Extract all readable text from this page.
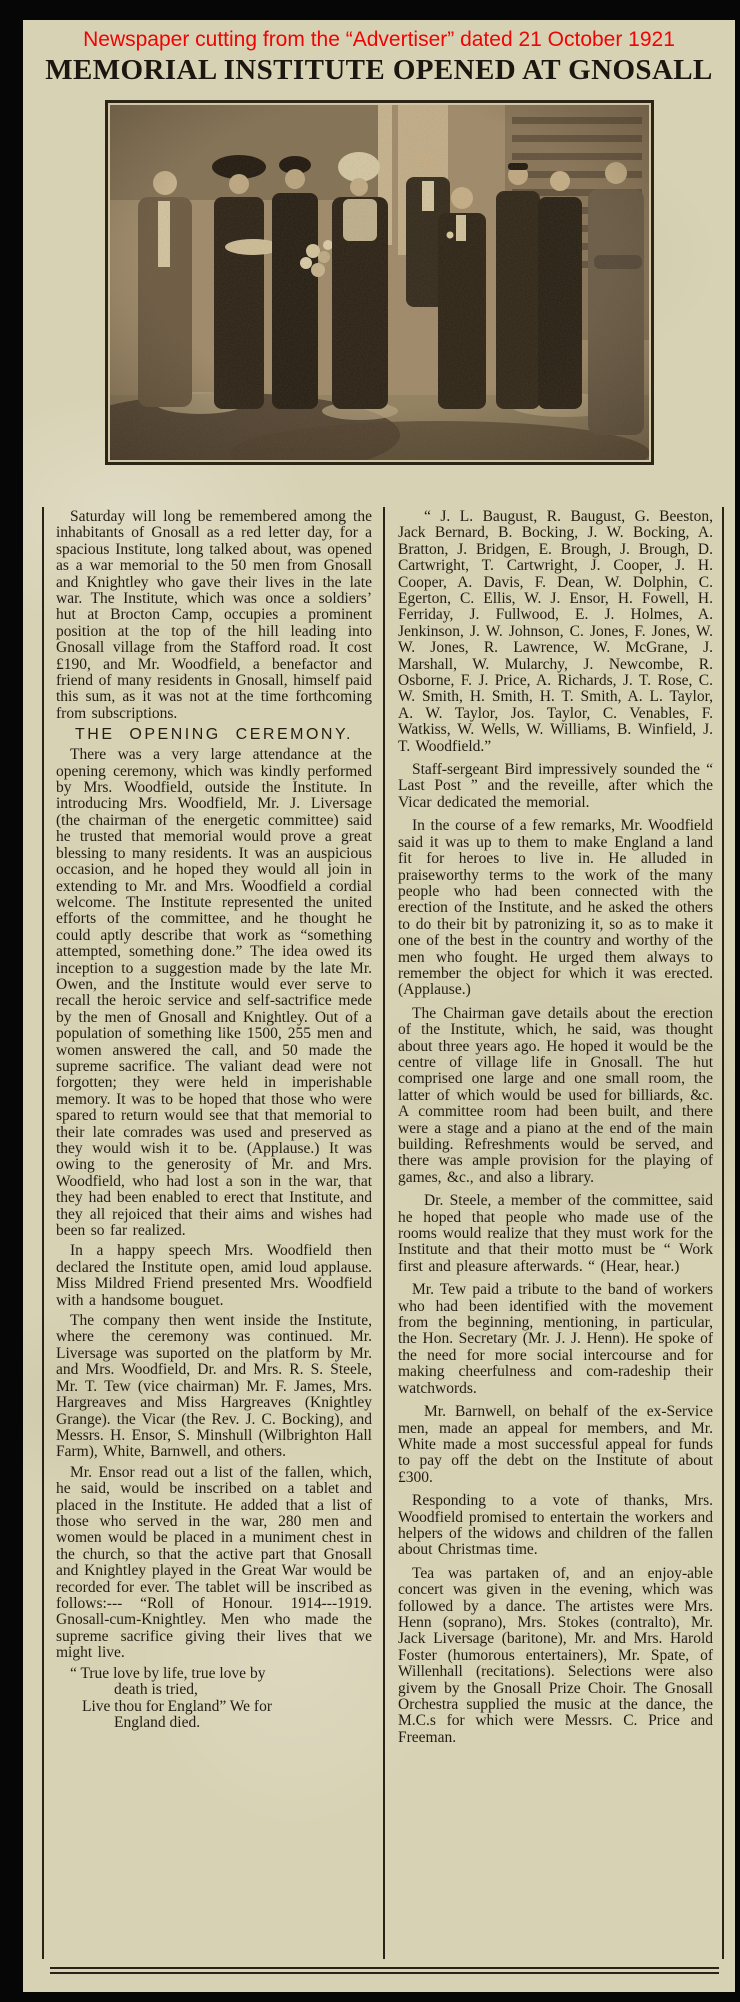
Newspaper cutting from the “Advertiser” dated 21 October 1921
MEMORIAL INSTITUTE OPENED AT GNOSALL

Saturday will long be remembered among the inhabitants of Gnosall as a red letter day, for a spacious Institute, long talked about, was opened as a war memorial to the 50 men from Gnosall and Knightley who gave their lives in the late war. The Institute, which was once a soldiers’ hut at Brocton Camp, occupies a prominent position at the top of the hill leading into Gnosall village from the Stafford road. It cost £190, and Mr. Woodfield, a benefactor and friend of many residents in Gnosall, himself paid this sum, as it was not at the time forthcoming from subscriptions.

THE OPENING CEREMONY.

There was a very large attendance at the opening ceremony, which was kindly performed by Mrs. Woodfield, outside the Institute. In introducing Mrs. Woodfield, Mr. J. Liversage (the chairman of the energetic committee) said he trusted that memorial would prove a great blessing to many residents. It was an auspicious occasion, and he hoped they would all join in extending to Mr. and Mrs. Woodfield a cordial welcome. The Institute represented the united efforts of the committee, and he thought he could aptly describe that work as “something attempted, something done.” The idea owed its inception to a suggestion made by the late Mr. Owen, and the Institute would ever serve to recall the heroic service and self-sactrifice mede by the men of Gnosall and Knightley. Out of a population of something like 1500, 255 men and women answered the call, and 50 made the supreme sacrifice. The valiant dead were not forgotten; they were held in imperishable memory. It was to be hoped that those who were spared to return would see that that memorial to their late comrades was used and preserved as they would wish it to be. (Applause.) It was owing to the generosity of Mr. and Mrs. Woodfield, who had lost a son in the war, that they had been enabled to erect that Institute, and they all rejoiced that their aims and wishes had been so far realized.

In a happy speech Mrs. Woodfield then declared the Institute open, amid loud applause. Miss Mildred Friend presented Mrs. Woodfield with a handsome bouguet.

The company then went inside the Institute, where the ceremony was continued. Mr. Liversage was suported on the platform by Mr. and Mrs. Woodfield, Dr. and Mrs. R. S. Steele, Mr. T. Tew (vice chairman) Mr. F. James, Mrs. Hargreaves and Miss Hargreaves (Knightley Grange). the Vicar (the Rev. J. C. Bocking), and Messrs. H. Ensor, S. Minshull (Wilbrighton Hall Farm), White, Barnwell, and others.

Mr. Ensor read out a list of the fallen, which, he said, would be inscribed on a tablet and placed in the Institute. He added that a list of those who served in the war, 280 men and women would be placed in a muniment chest in the church, so that the active part that Gnosall and Knightley played in the Great War would be recorded for ever. The tablet will be inscribed as follows:--- “Roll of Honour. 1914---1919. Gnosall-cum-Knightley. Men who made the supreme sacrifice giving their lives that we might live.

“ True love by life, true love by
death is tried,
Live thou for England” We for
England died.

“ J. L. Baugust, R. Baugust, G. Beeston, Jack Bernard, B. Bocking, J. W. Bocking, A. Bratton, J. Bridgen, E. Brough, J. Brough, D. Cartwright, T. Cartwright, J. Cooper, J. H. Cooper, A. Davis, F. Dean, W. Dolphin, C. Egerton, C. Ellis, W. J. Ensor, H. Fowell, H. Ferriday, J. Fullwood, E. J. Holmes, A. Jenkinson, J. W. Johnson, C. Jones, F. Jones, W. W. Jones, R. Lawrence, W. McGrane, J. Marshall, W. Mularchy, J. Newcombe, R. Osborne, F. J. Price, A. Richards, J. T. Rose, C. W. Smith, H. Smith, H. T. Smith, A. L. Taylor, A. W. Taylor, Jos. Taylor, C. Venables, F. Watkiss, W. Wells, W. Williams, B. Winfield, J. T. Woodfield.”

Staff-sergeant Bird impressively sounded the “ Last Post ” and the reveille, after which the Vicar dedicated the memorial.

In the course of a few remarks, Mr. Woodfield said it was up to them to make England a land fit for heroes to live in. He alluded in praiseworthy terms to the work of the many people who had been connected with the erection of the Institute, and he asked the others to do their bit by patronizing it, so as to make it one of the best in the country and worthy of the men who fought. He urged them always to remember the object for which it was erected. (Applause.)

The Chairman gave details about the erection of the Institute, which, he said, was thought about three years ago. He hoped it would be the centre of village life in Gnosall. The hut comprised one large and one small room, the latter of which would be used for billiards, &c. A committee room had been built, and there were a stage and a piano at the end of the main building. Refreshments would be served, and there was ample provision for the playing of games, &c., and also a library.

Dr. Steele, a member of the committee, said he hoped that people who made use of the rooms would realize that they must work for the Institute and that their motto must be “ Work first and pleasure afterwards. “ (Hear, hear.)

Mr. Tew paid a tribute to the band of workers who had been identified with the movement from the beginning, mentioning, in particular, the Hon. Secretary (Mr. J. J. Henn). He spoke of the need for more social intercourse and for making cheerfulness and com-radeship their watchwords.

Mr. Barnwell, on behalf of the ex-Service men, made an appeal for members, and Mr. White made a most successful appeal for funds to pay off the debt on the Institute of about £300.

Responding to a vote of thanks, Mrs. Woodfield promised to entertain the workers and helpers of the widows and children of the fallen about Christmas time.

Tea was partaken of, and an enjoy-able concert was given in the evening, which was followed by a dance. The artistes were Mrs. Henn (soprano), Mrs. Stokes (contralto), Mr. Jack Liversage (baritone), Mr. and Mrs. Harold Foster (humorous entertainers), Mr. Spate, of Willenhall (recitations). Selections were also givem by the Gnosall Prize Choir. The Gnosall Orchestra supplied the music at the dance, the M.C.s for which were Messrs. C. Price and Freeman.
